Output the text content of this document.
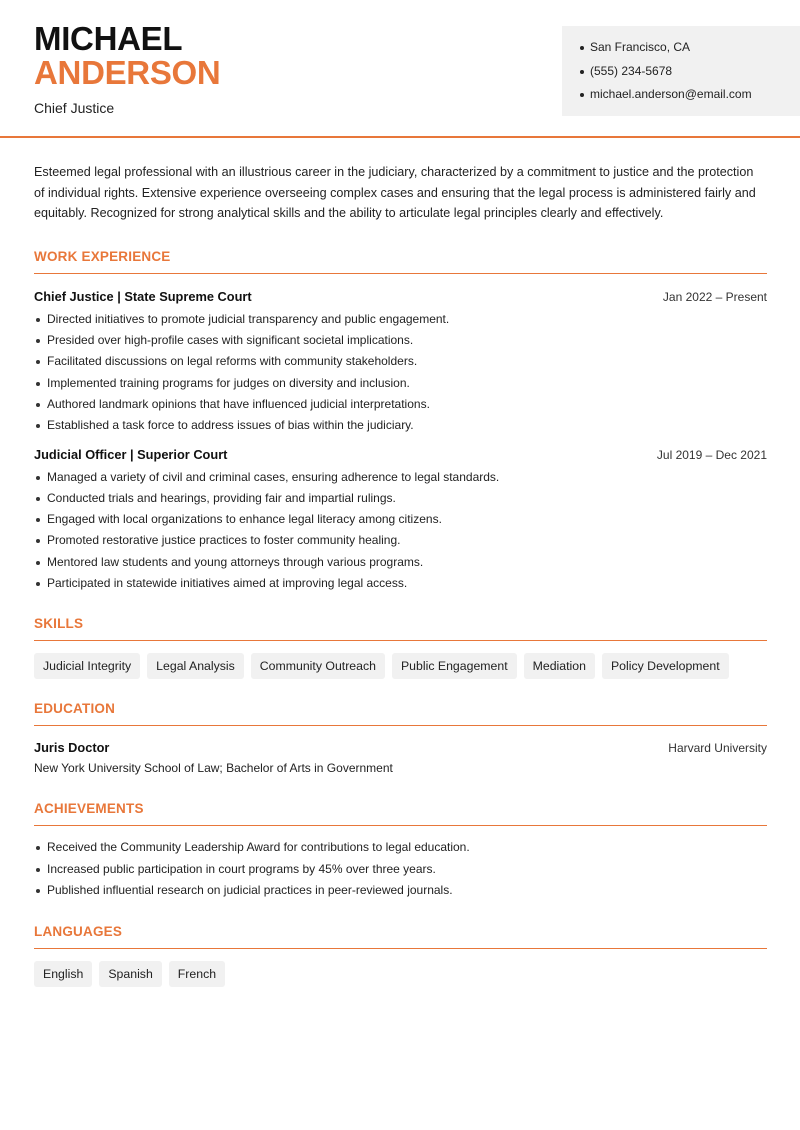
MICHAEL
ANDERSON
Chief Justice
San Francisco, CA
(555) 234-5678
michael.anderson@email.com

Esteemed legal professional with an illustrious career in the judiciary, characterized by a commitment to justice and the protection of individual rights. Extensive experience overseeing complex cases and ensuring that the legal process is administered fairly and equitably. Recognized for strong analytical skills and the ability to articulate legal principles clearly and effectively.

WORK EXPERIENCE
Chief Justice | State Supreme Court	Jan 2022 – Present
Directed initiatives to promote judicial transparency and public engagement.
Presided over high-profile cases with significant societal implications.
Facilitated discussions on legal reforms with community stakeholders.
Implemented training programs for judges on diversity and inclusion.
Authored landmark opinions that have influenced judicial interpretations.
Established a task force to address issues of bias within the judiciary.
Judicial Officer | Superior Court	Jul 2019 – Dec 2021
Managed a variety of civil and criminal cases, ensuring adherence to legal standards.
Conducted trials and hearings, providing fair and impartial rulings.
Engaged with local organizations to enhance legal literacy among citizens.
Promoted restorative justice practices to foster community healing.
Mentored law students and young attorneys through various programs.
Participated in statewide initiatives aimed at improving legal access.
SKILLS
Judicial Integrity	Legal Analysis	Community Outreach	Public Engagement	Mediation	Policy Development
EDUCATION
Juris Doctor	Harvard University
New York University School of Law; Bachelor of Arts in Government
ACHIEVEMENTS
Received the Community Leadership Award for contributions to legal education.
Increased public participation in court programs by 45% over three years.
Published influential research on judicial practices in peer-reviewed journals.
LANGUAGES
English	Spanish	French
